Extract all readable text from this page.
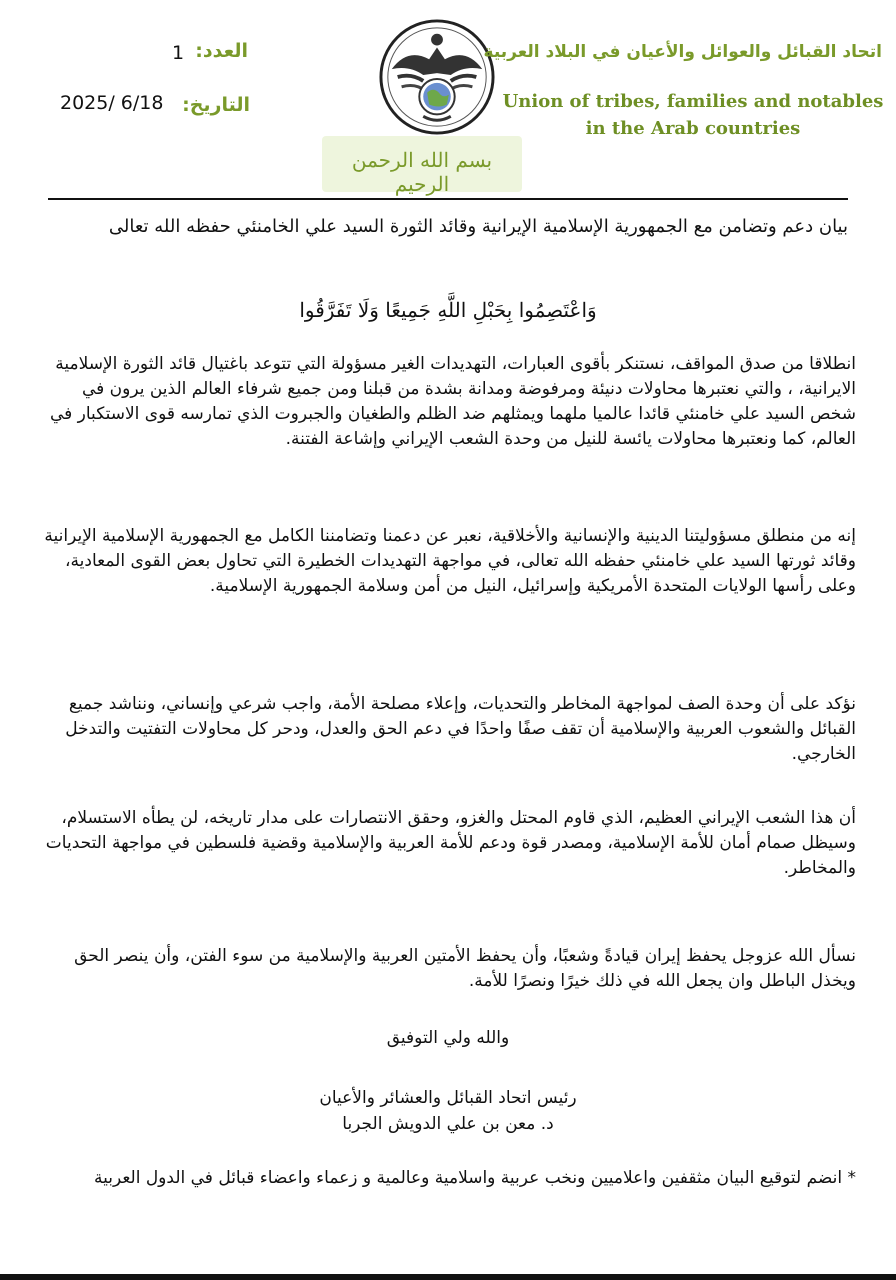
العدد:
1
التاريخ:
2025/ 6/18
اتحاد القبائل والعوائل والأعيان في البلاد العربية
Union of tribes, families and notables
in the Arab countries
بسم الله الرحمن الرحيم
بيان دعم وتضامن مع الجمهورية الإسلامية الإيرانية وقائد الثورة السيد علي الخامنئي حفظه الله تعالى
وَاعْتَصِمُوا بِحَبْلِ اللَّهِ جَمِيعًا وَلَا تَفَرَّقُوا
انطلاقا من صدق المواقف، نستنكر بأقوى العبارات، التهديدات الغير مسؤولة التي تتوعد باغتيال قائد الثورة الإسلامية الايرانية، ، والتي نعتبرها محاولات دنيئة ومرفوضة ومدانة بشدة من قبلنا ومن جميع شرفاء العالم الذين يرون في شخص السيد علي خامنئي قائدا عالميا ملهما ويمثلهم ضد الظلم والطغيان والجبروت الذي تمارسه قوى الاستكبار في العالم، كما ونعتبرها محاولات يائسة للنيل من وحدة الشعب الإيراني وإشاعة الفتنة.
إنه من منطلق مسؤوليتنا الدينية والإنسانية والأخلاقية، نعبر عن دعمنا وتضامننا الكامل مع الجمهورية الإسلامية الإيرانية وقائد ثورتها السيد علي خامنئي حفظه الله تعالى، في مواجهة التهديدات الخطيرة التي تحاول بعض القوى المعادية، وعلى رأسها الولايات المتحدة الأمريكية وإسرائيل، النيل من أمن وسلامة الجمهورية الإسلامية.
نؤكد على أن وحدة الصف لمواجهة المخاطر والتحديات، وإعلاء مصلحة الأمة، واجب شرعي وإنساني، ونناشد جميع القبائل والشعوب العربية والإسلامية أن تقف صفًا واحدًا في دعم الحق والعدل، ودحر كل محاولات التفتيت والتدخل الخارجي.
أن هذا الشعب الإيراني العظيم، الذي قاوم المحتل والغزو، وحقق الانتصارات على مدار تاريخه، لن يطأه الاستسلام، وسيظل صمام أمان للأمة الإسلامية، ومصدر قوة ودعم للأمة العربية والإسلامية وقضية فلسطين في مواجهة التحديات والمخاطر.
نسأل الله عزوجل يحفظ إيران قيادةً وشعبًا، وأن يحفظ الأمتين العربية والإسلامية من سوء الفتن، وأن ينصر الحق ويخذل الباطل وان يجعل الله في ذلك خيرًا ونصرًا للأمة.
والله ولي التوفيق
رئيس اتحاد القبائل والعشائر والأعيان
د. معن بن علي الدويش الجربا
* انضم لتوقيع البيان مثقفين واعلاميين ونخب عربية واسلامية وعالمية و زعماء واعضاء قبائل في الدول العربية
